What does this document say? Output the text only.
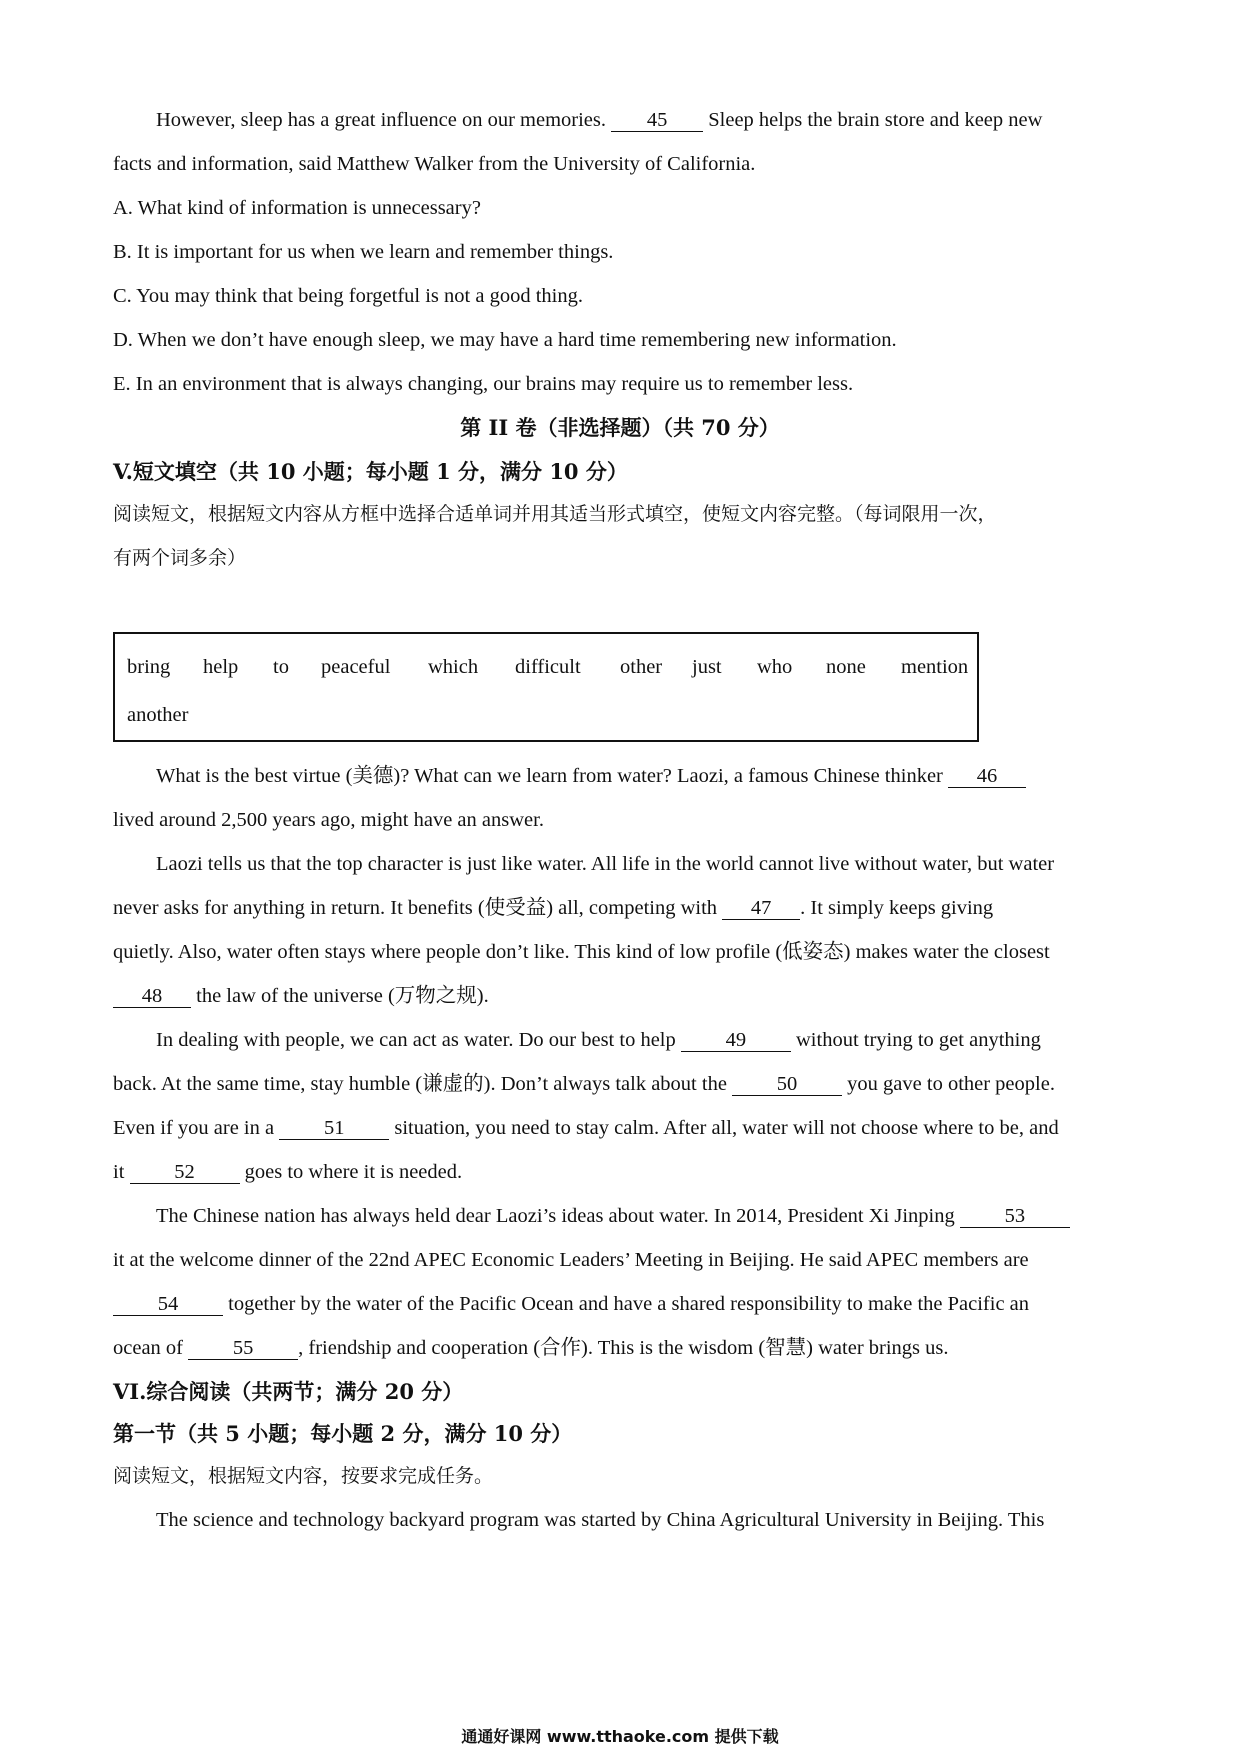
However, sleep has a great influence on our memories. 45 Sleep helps the brain store and keep new
facts and information, said Matthew Walker from the University of California.
A. What kind of information is unnecessary?
B. It is important for us when we learn and remember things.
C. You may think that being forgetful is not a good thing.
D. When we don’t have enough sleep, we may have a hard time remembering new information.
E. In an environment that is always changing, our brains may require us to remember less.
第 II 卷（非选择题）（共 70 分）
V.短文填空（共 10 小题；每小题 1 分，满分 10 分）
阅读短文，根据短文内容从方框中选择合适单词并用其适当形式填空，使短文内容完整。（每词限用一次，
有两个词多余）
bring help to peaceful which difficult other just who none mention
another
What is the best virtue (美德)? What can we learn from water? Laozi, a famous Chinese thinker 46
lived around 2,500 years ago, might have an answer.
Laozi tells us that the top character is just like water. All life in the world cannot live without water, but water
never asks for anything in return. It benefits (使受益) all, competing with 47 . It simply keeps giving
quietly. Also, water often stays where people don’t like. This kind of low profile (低姿态) makes water the closest
48 the law of the universe (万物之规).
In dealing with people, we can act as water. Do our best to help 49 without trying to get anything
back. At the same time, stay humble (谦虚的). Don’t always talk about the 50 you gave to other people.
Even if you are in a 51 situation, you need to stay calm. After all, water will not choose where to be, and
it 52 goes to where it is needed.
The Chinese nation has always held dear Laozi’s ideas about water. In 2014, President Xi Jinping 53
it at the welcome dinner of the 22nd APEC Economic Leaders’ Meeting in Beijing. He said APEC members are
54 together by the water of the Pacific Ocean and have a shared responsibility to make the Pacific an
ocean of 55 , friendship and cooperation (合作). This is the wisdom (智慧) water brings us.
VI.综合阅读（共两节；满分 20 分）
第一节（共 5 小题；每小题 2 分，满分 10 分）
阅读短文，根据短文内容，按要求完成任务。
The science and technology backyard program was started by China Agricultural University in Beijing. This
通通好课网 www.tthaoke.com 提供下载
